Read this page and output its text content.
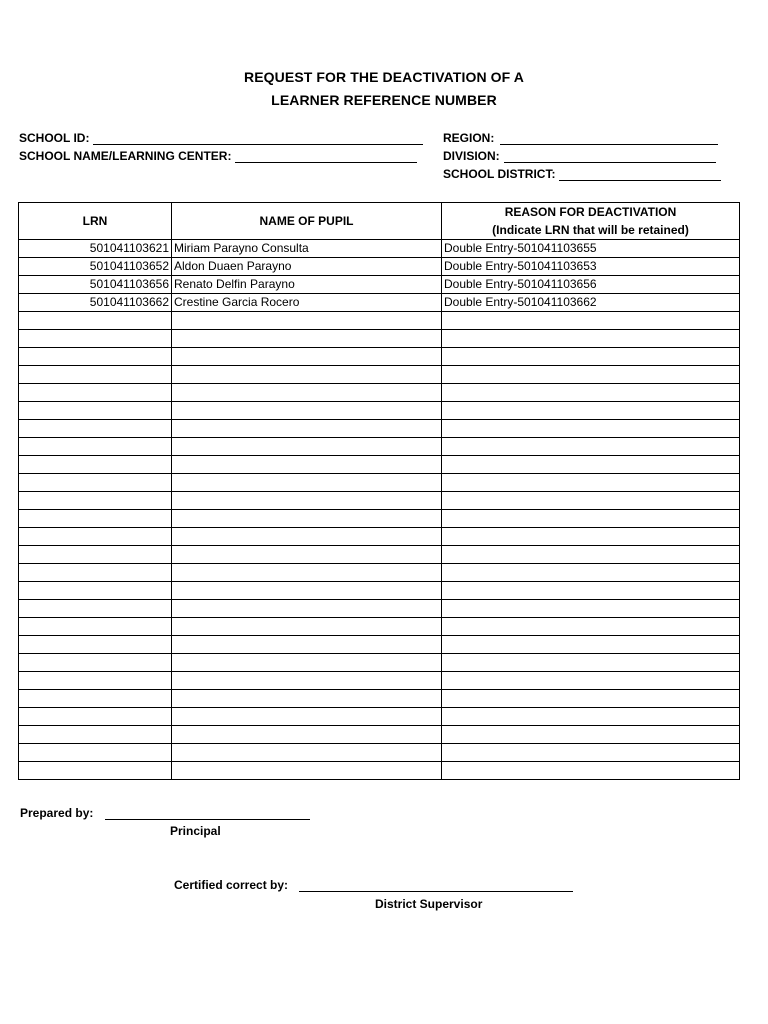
REQUEST FOR THE DEACTIVATION OF A
LEARNER REFERENCE NUMBER
SCHOOL ID:
SCHOOL NAME/LEARNING CENTER:
REGION:
DIVISION:
SCHOOL DISTRICT:
LRN	NAME OF PUPIL	REASON FOR DEACTIVATION
(Indicate LRN that will be retained)

501041103621	Miriam Parayno Consulta	Double Entry-501041103655
501041103652	Aldon Duaen Parayno	Double Entry-501041103653
501041103656	Renato Delfin Parayno	Double Entry-501041103656
501041103662	Crestine Garcia Rocero	Double Entry-501041103662

Prepared by:
Principal
Certified correct by:
District Supervisor
